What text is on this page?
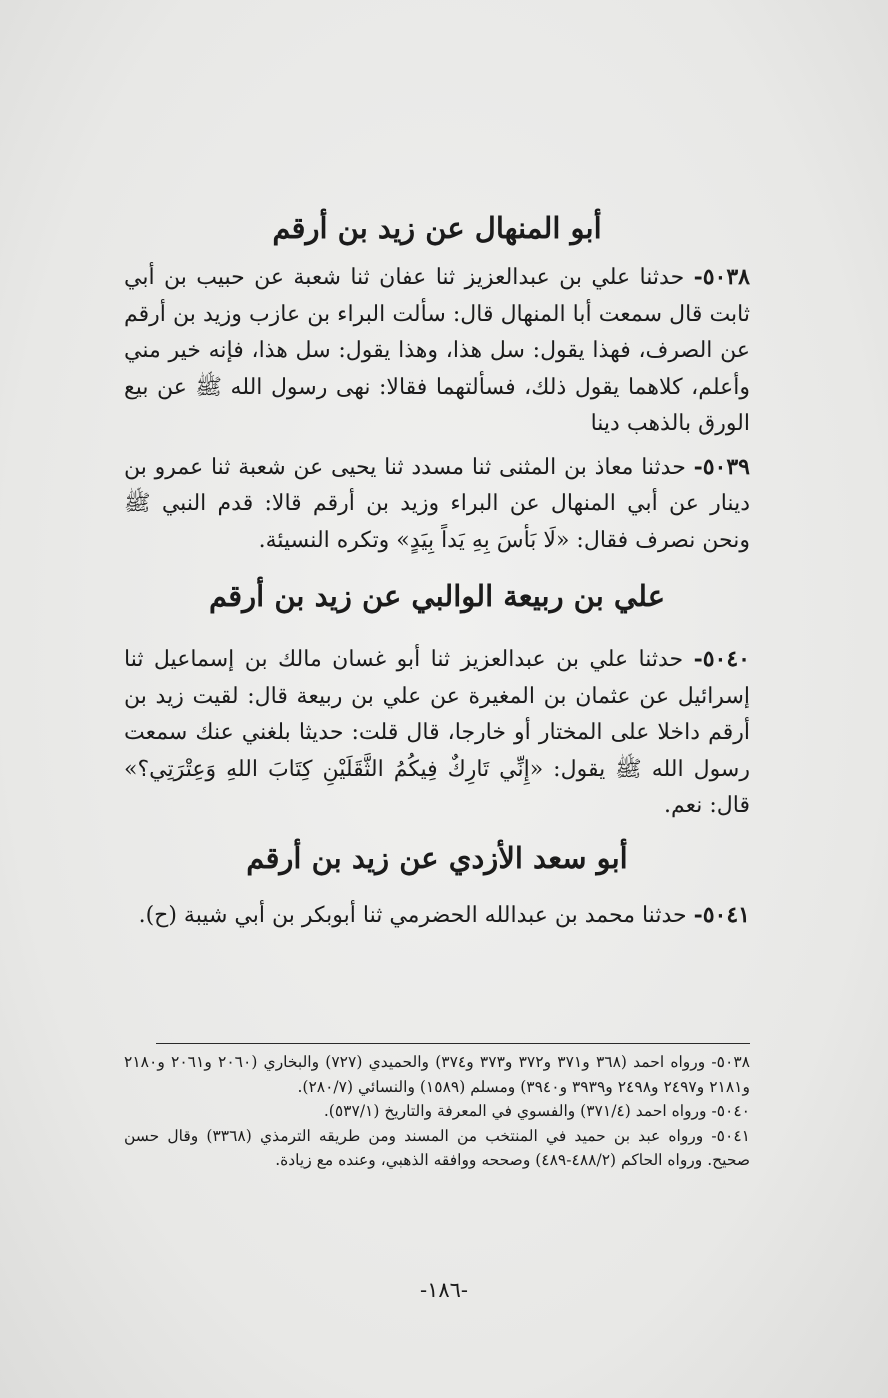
أبو المنهال عن زيد بن أرقم

٥٠٣٨- حدثنا علي بن عبدالعزيز ثنا عفان ثنا شعبة عن حبيب بن أبي ثابت قال سمعت أبا المنهال قال: سألت البراء بن عازب وزيد بن أرقم عن الصرف، فهذا يقول: سل هذا، وهذا يقول: سل هذا، فإنه خير مني وأعلم، كلاهما يقول ذلك، فسألتهما فقالا: نهى رسول الله ﷺ عن بيع الورق بالذهب دينا

٥٠٣٩- حدثنا معاذ بن المثنى ثنا مسدد ثنا يحيى عن شعبة ثنا عمرو بن دينار عن أبي المنهال عن البراء وزيد بن أرقم قالا: قدم النبي ﷺ ونحن نصرف فقال: «لَا بَأسَ بِهِ يَداً بِيَدٍ» وتكره النسيئة.

علي بن ربيعة الوالبي عن زيد بن أرقم

٥٠٤٠- حدثنا علي بن عبدالعزيز ثنا أبو غسان مالك بن إسماعيل ثنا إسرائيل عن عثمان بن المغيرة عن علي بن ربيعة قال: لقيت زيد بن أرقم داخلا على المختار أو خارجا، قال قلت: حديثا بلغني عنك سمعت رسول الله ﷺ يقول: «إِنِّي تَارِكٌ فِيكُمُ الثَّقَلَيْنِ كِتَابَ اللهِ وَعِتْرَتِي؟» قال: نعم.

أبو سعد الأزدي عن زيد بن أرقم

٥٠٤١- حدثنا محمد بن عبدالله الحضرمي ثنا أبوبكر بن أبي شيبة (ح).

٥٠٣٨- ورواه احمد (٣٦٨ و٣٧١ و٣٧٢ و٣٧٣ و٣٧٤) والحميدي (٧٢٧) والبخاري (٢٠٦٠ و٢٠٦١ و٢١٨٠ و٢١٨١ و٢٤٩٧ و٢٤٩٨ و٣٩٣٩ و٣٩٤٠) ومسلم (١٥٨٩) والنسائي (٢٨٠/٧).

٥٠٤٠- ورواه احمد (٣٧١/٤) والفسوي في المعرفة والتاريخ (٥٣٧/١).

٥٠٤١- ورواه عبد بن حميد في المنتخب من المسند ومن طريقه الترمذي (٣٣٦٨) وقال حسن صحيح. ورواه الحاكم (٤٨٨/٢-٤٨٩) وصححه ووافقه الذهبي، وعنده مع زيادة.

-١٨٦-
